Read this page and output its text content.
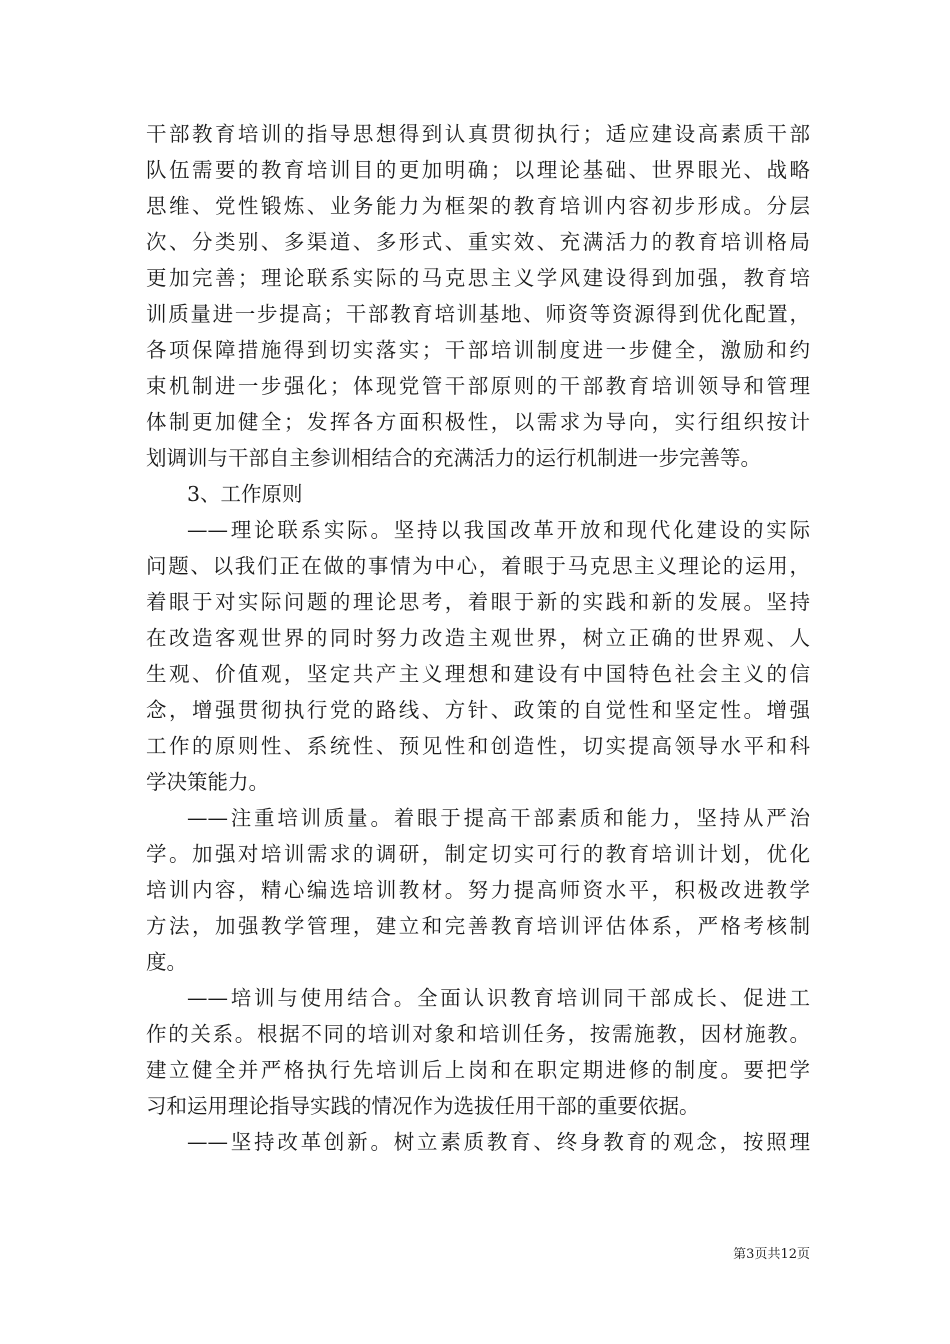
干部教育培训的指导思想得到认真贯彻执行；适应建设高素质干部
队伍需要的教育培训目的更加明确；以理论基础、世界眼光、战略
思维、党性锻炼、业务能力为框架的教育培训内容初步形成。分层
次、分类别、多渠道、多形式、重实效、充满活力的教育培训格局
更加完善；理论联系实际的马克思主义学风建设得到加强，教育培
训质量进一步提高；干部教育培训基地、师资等资源得到优化配置，
各项保障措施得到切实落实；干部培训制度进一步健全，激励和约
束机制进一步强化；体现党管干部原则的干部教育培训领导和管理
体制更加健全；发挥各方面积极性，以需求为导向，实行组织按计
划调训与干部自主参训相结合的充满活力的运行机制进一步完善等。
3、工作原则
——理论联系实际。坚持以我国改革开放和现代化建设的实际
问题、以我们正在做的事情为中心，着眼于马克思主义理论的运用，
着眼于对实际问题的理论思考，着眼于新的实践和新的发展。坚持
在改造客观世界的同时努力改造主观世界，树立正确的世界观、人
生观、价值观，坚定共产主义理想和建设有中国特色社会主义的信
念，增强贯彻执行党的路线、方针、政策的自觉性和坚定性。增强
工作的原则性、系统性、预见性和创造性，切实提高领导水平和科
学决策能力。
——注重培训质量。着眼于提高干部素质和能力，坚持从严治
学。加强对培训需求的调研，制定切实可行的教育培训计划，优化
培训内容，精心编选培训教材。努力提高师资水平，积极改进教学
方法，加强教学管理，建立和完善教育培训评估体系，严格考核制
度。
——培训与使用结合。全面认识教育培训同干部成长、促进工
作的关系。根据不同的培训对象和培训任务，按需施教，因材施教。
建立健全并严格执行先培训后上岗和在职定期进修的制度。要把学
习和运用理论指导实践的情况作为选拔任用干部的重要依据。
——坚持改革创新。树立素质教育、终身教育的观念，按照理
第3页共12页
